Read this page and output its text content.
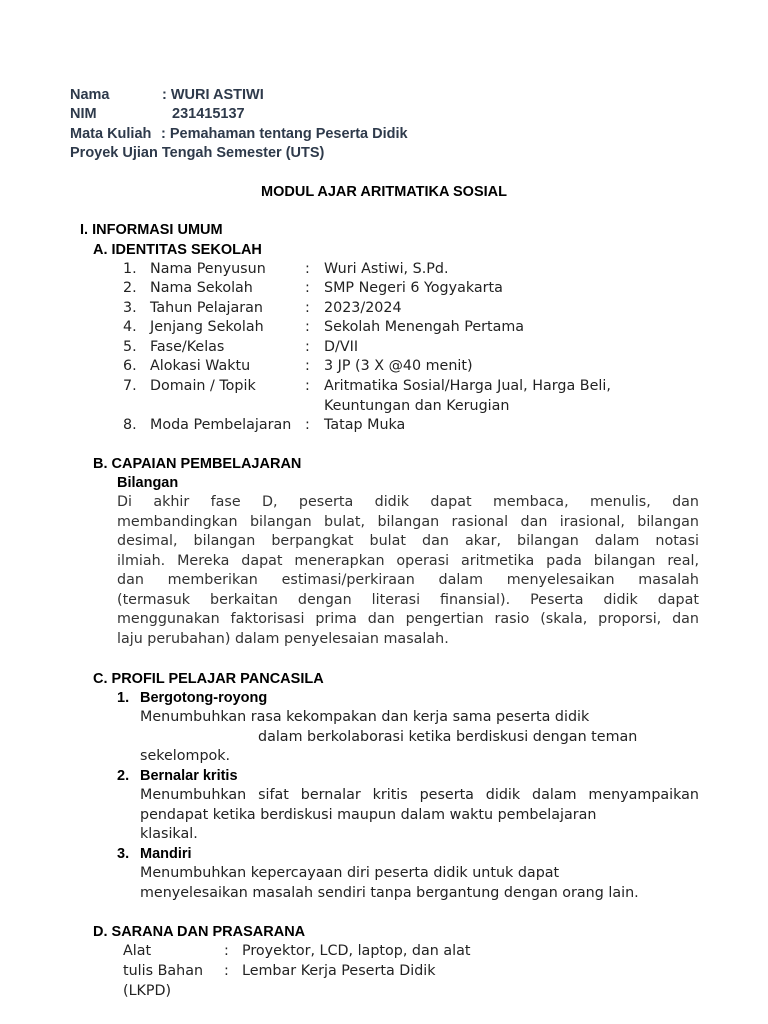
Nama	: WURI ASTIWI
NIM	231415137
Mata Kuliah : Pemahaman tentang Peserta Didik
Proyek Ujian Tengah Semester (UTS)
MODUL AJAR ARITMATIKA SOSIAL
I. INFORMASI UMUM
A. IDENTITAS SEKOLAH
1. Nama Penyusun	: Wuri Astiwi, S.Pd.
2. Nama Sekolah	: SMP Negeri 6 Yogyakarta
3. Tahun Pelajaran	: 2023/2024
4. Jenjang Sekolah	: Sekolah Menengah Pertama
5. Fase/Kelas	: D/VII
6. Alokasi Waktu	: 3 JP (3 X @40 menit)
7. Domain / Topik	: Aritmatika Sosial/Harga Jual, Harga Beli,
Keuntungan dan Kerugian
8. Moda Pembelajaran : Tatap Muka
B. CAPAIAN PEMBELAJARAN
Bilangan
Di akhir fase D, peserta didik dapat membaca, menulis, dan
membandingkan bilangan bulat, bilangan rasional dan irasional, bilangan
desimal, bilangan berpangkat bulat dan akar, bilangan dalam notasi
ilmiah. Mereka dapat menerapkan operasi aritmetika pada bilangan real,
dan memberikan estimasi/perkiraan dalam menyelesaikan masalah
(termasuk berkaitan dengan literasi finansial). Peserta didik dapat
menggunakan faktorisasi prima dan pengertian rasio (skala, proporsi, dan
laju perubahan) dalam penyelesaian masalah.
C. PROFIL PELAJAR PANCASILA
1. Bergotong-royong
Menumbuhkan rasa kekompakan dan kerja sama peserta didik
dalam berkolaborasi ketika berdiskusi dengan teman
sekelompok.
2. Bernalar kritis
Menumbuhkan sifat bernalar kritis peserta didik dalam menyampaikan
pendapat ketika berdiskusi maupun dalam waktu pembelajaran
klasikal.
3. Mandiri
Menumbuhkan kepercayaan diri peserta didik untuk dapat
menyelesaikan masalah sendiri tanpa bergantung dengan orang lain.
D. SARANA DAN PRASARANA
Alat	: Proyektor, LCD, laptop, dan alat
tulis Bahan : Lembar Kerja Peserta Didik
(LKPD)
